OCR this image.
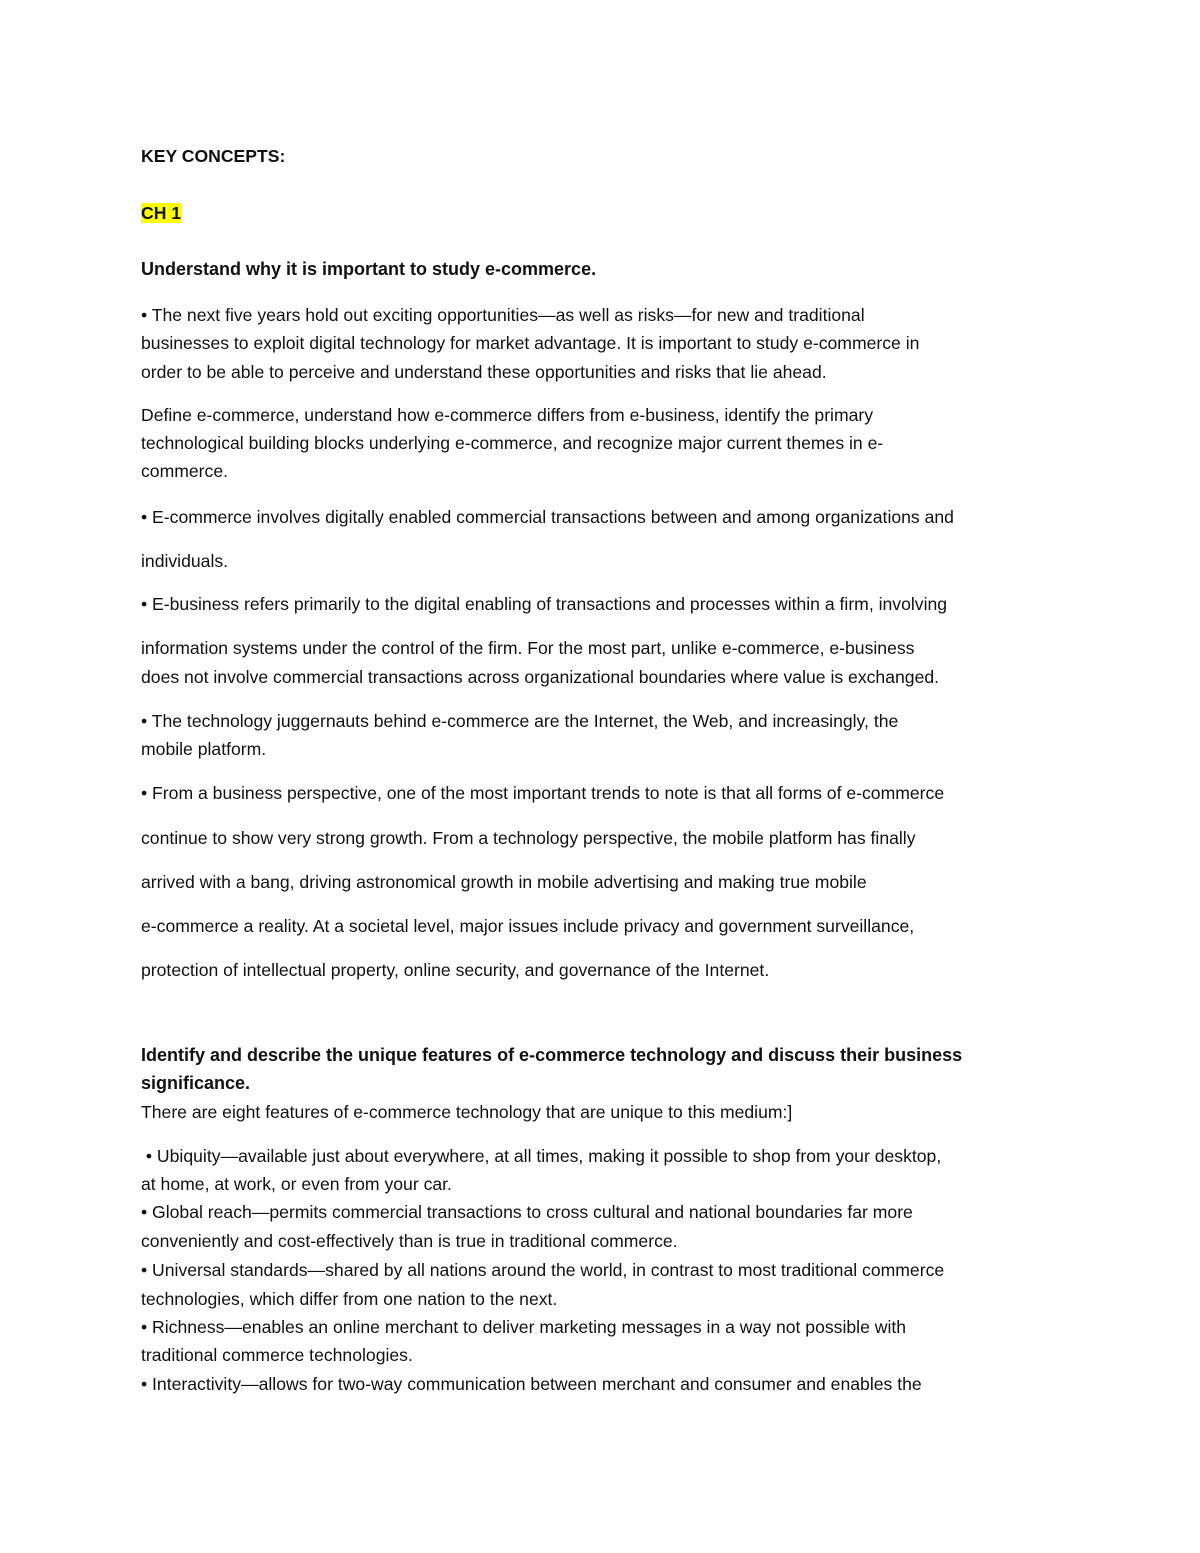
KEY CONCEPTS:
CH 1
Understand why it is important to study e-commerce.
• The next five years hold out exciting opportunities—as well as risks—for new and traditional
businesses to exploit digital technology for market advantage. It is important to study e-commerce in
order to be able to perceive and understand these opportunities and risks that lie ahead.
Define e-commerce, understand how e-commerce differs from e-business, identify the primary
technological building blocks underlying e-commerce, and recognize major current themes in e-
commerce.
• E-commerce involves digitally enabled commercial transactions between and among organizations and
individuals.
• E-business refers primarily to the digital enabling of transactions and processes within a firm, involving
information systems under the control of the firm. For the most part, unlike e-commerce, e-business
does not involve commercial transactions across organizational boundaries where value is exchanged.
• The technology juggernauts behind e-commerce are the Internet, the Web, and increasingly, the
mobile platform.
• From a business perspective, one of the most important trends to note is that all forms of e-commerce
continue to show very strong growth. From a technology perspective, the mobile platform has finally
arrived with a bang, driving astronomical growth in mobile advertising and making true mobile
e-commerce a reality. At a societal level, major issues include privacy and government surveillance,
protection of intellectual property, online security, and governance of the Internet.
Identify and describe the unique features of e-commerce technology and discuss their business
significance.
There are eight features of e-commerce technology that are unique to this medium:]
• Ubiquity—available just about everywhere, at all times, making it possible to shop from your desktop,
at home, at work, or even from your car.
• Global reach—permits commercial transactions to cross cultural and national boundaries far more
conveniently and cost-effectively than is true in traditional commerce.
• Universal standards—shared by all nations around the world, in contrast to most traditional commerce
technologies, which differ from one nation to the next.
• Richness—enables an online merchant to deliver marketing messages in a way not possible with
traditional commerce technologies.
• Interactivity—allows for two-way communication between merchant and consumer and enables the
